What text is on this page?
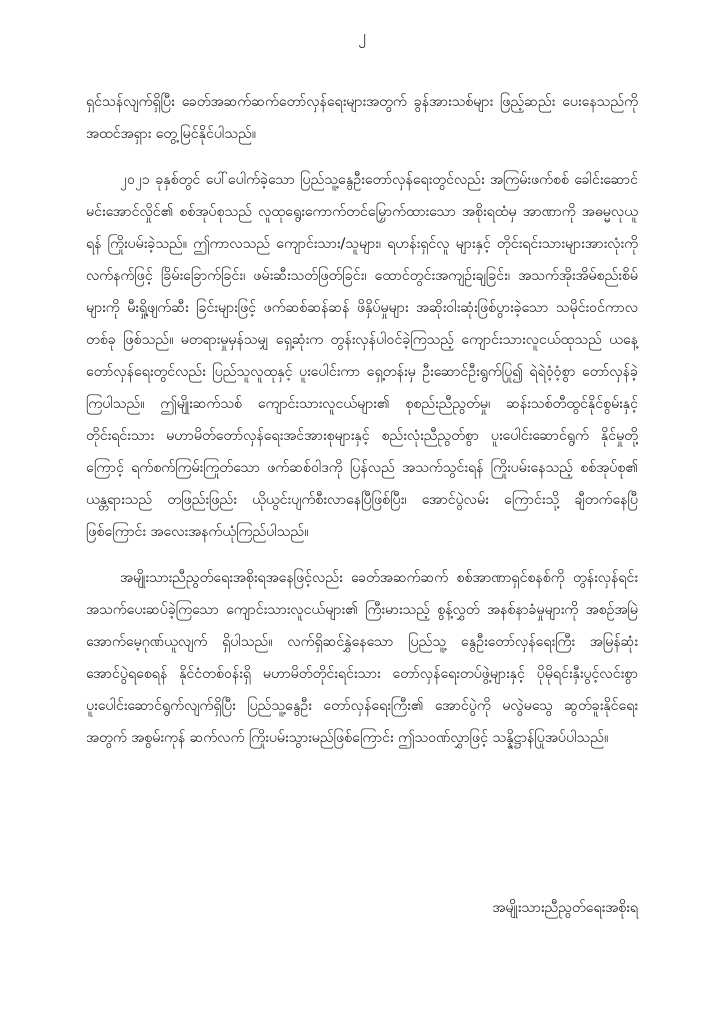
၂

ရှင်သန်လျက်ရှိပြီး ခေတ်အဆက်ဆက်တော်လှန်ရေးများအတွက် ခွန်အားသစ်များ ဖြည့်ဆည်း ပေးနေသည်ကို အထင်အရှား တွေ့မြင်နိုင်ပါသည်။

၂၀၂၁ ခုနှစ်တွင် ပေါ်ပေါက်ခဲ့သော ပြည်သူ့နွေဦးတော်လှန်ရေးတွင်လည်း အကြမ်းဖက်စစ် ခေါင်းဆောင်မင်းအောင်လှိုင်၏ စစ်အုပ်စုသည် လူထုရွေးကောက်တင်မြှောက်ထားသော အစိုးရထံမှ အာဏာကို အဓမ္မလုယူရန် ကြိုးပမ်းခဲ့သည်။ ဤကာလသည် ကျောင်းသား/သူများ၊ ရဟန်းရှင်လူ များနှင့် တိုင်းရင်းသားများအားလုံးကို လက်နက်ဖြင့် ခြိမ်းခြောက်ခြင်း၊ ဖမ်းဆီးသတ်ဖြတ်ခြင်း၊ ထောင်တွင်းအကျဉ်းချခြင်း၊ အသက်အိုးအိမ်စည်းစိမ်များကို မီးရှို့ဖျက်ဆီး ခြင်းများဖြင့် ဖက်ဆစ်ဆန်ဆန် ဖိနှိပ်မှုများ အဆိုးဝါးဆုံးဖြစ်ပွားခဲ့သော သမိုင်းဝင်ကာလတစ်ခု ဖြစ်သည်။ မတရားမှုမှန်သမျှ ရှေ့ဆုံးက တွန်းလှန်ပါဝင်ခဲ့ကြသည့် ကျောင်းသားလူငယ်ထုသည် ယနေ့ တော်လှန်ရေးတွင်လည်း ပြည်သူလူထုနှင့် ပူးပေါင်းကာ ရှေ့တန်းမှ ဦးဆောင်ဦးရွက်ပြု၍ ရဲရဲဝံ့ဝံ့စွာ တော်လှန်ခဲ့ကြပါသည်။ ဤမျိုးဆက်သစ် ကျောင်းသားလူငယ်များ၏ စုစည်းညီညွတ်မှု၊ ဆန်းသစ်တီထွင်နိုင်စွမ်းနှင့် တိုင်းရင်းသား မဟာမိတ်တော်လှန်ရေးအင်အားစုများနှင့် စည်းလုံးညီညွတ်စွာ ပူးပေါင်းဆောင်ရွက် နိုင်မှုတို့ကြောင့် ရက်စက်ကြမ်းကြုတ်သော ဖက်ဆစ်ဝါဒကို ပြန်လည် အသက်သွင်းရန် ကြိုးပမ်းနေသည့် စစ်အုပ်စု၏ ယန္တရားသည် တဖြည်းဖြည်း ယိုယွင်းပျက်စီးလာနေပြီဖြစ်ပြီး၊ အောင်ပွဲလမ်း ကြောင်းသို့ ချီတက်နေပြီဖြစ်ကြောင်း အလေးအနက်ယုံကြည်ပါသည်။

အမျိုးသားညီညွတ်ရေးအစိုးရအနေဖြင့်လည်း ခေတ်အဆက်ဆက် စစ်အာဏာရှင်စနစ်ကို တွန်းလှန်ရင်း အသက်ပေးဆပ်ခဲ့ကြသော ကျောင်းသားလူငယ်များ၏ ကြီးမားသည့် စွန့်လွှတ် အနစ်နာခံမှုများကို အစဉ်အမြဲ အောက်မေ့ဂုဏ်ယူလျက် ရှိပါသည်။ လက်ရှိဆင်နွှဲနေသော ပြည်သူ့ နွေဦးတော်လှန်ရေးကြီး အမြန်ဆုံး အောင်ပွဲရစေရန် နိုင်ငံတစ်ဝန်းရှိ မဟာမိတ်တိုင်းရင်းသား တော်လှန်ရေးတပ်ဖွဲ့များနှင့် ပိုမိုရင်းနှီးပွင့်လင်းစွာ ပူးပေါင်းဆောင်ရွက်လျက်ရှိပြီး ပြည်သူ့နွေဦး တော်လှန်ရေးကြီး၏ အောင်ပွဲကို မလွဲမသွေ ဆွတ်ခူးနိုင်ရေးအတွက် အစွမ်းကုန် ဆက်လက် ကြိုးပမ်းသွားမည်ဖြစ်ကြောင်း ဤသဝဏ်လွှာဖြင့် သန္နိဋ္ဌာန်ပြုအပ်ပါသည်။

အမျိုးသားညီညွတ်ရေးအစိုးရ
